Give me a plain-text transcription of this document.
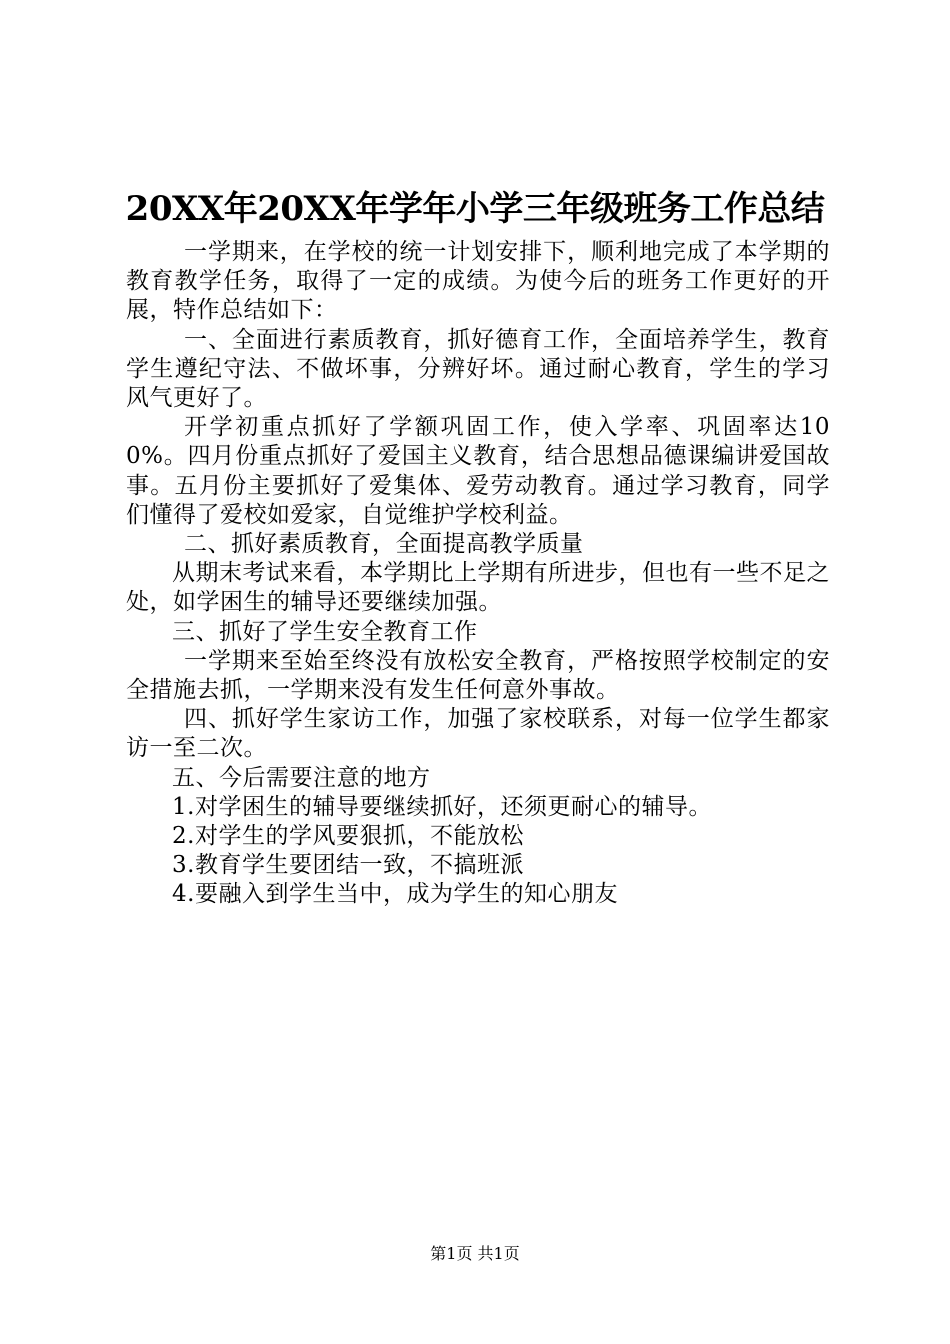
20XX年20XX年学年小学三年级班务工作总结

一学期来，在学校的统一计划安排下，顺利地完成了本学期的教育教学任务，取得了一定的成绩。为使今后的班务工作更好的开展，特作总结如下：

一、全面进行素质教育，抓好德育工作，全面培养学生，教育学生遵纪守法、不做坏事，分辨好坏。通过耐心教育，学生的学习风气更好了。

开学初重点抓好了学额巩固工作，使入学率、巩固率达100%。四月份重点抓好了爱国主义教育，结合思想品德课编讲爱国故事。五月份主要抓好了爱集体、爱劳动教育。通过学习教育，同学们懂得了爱校如爱家，自觉维护学校利益。

二、抓好素质教育，全面提高教学质量

从期末考试来看，本学期比上学期有所进步，但也有一些不足之处，如学困生的辅导还要继续加强。

三、抓好了学生安全教育工作

一学期来至始至终没有放松安全教育，严格按照学校制定的安全措施去抓，一学期来没有发生任何意外事故。

四、抓好学生家访工作，加强了家校联系，对每一位学生都家访一至二次。

五、今后需要注意的地方

1.对学困生的辅导要继续抓好，还须更耐心的辅导。

2.对学生的学风要狠抓，不能放松

3.教育学生要团结一致，不搞班派

4.要融入到学生当中，成为学生的知心朋友

第1页 共1页
